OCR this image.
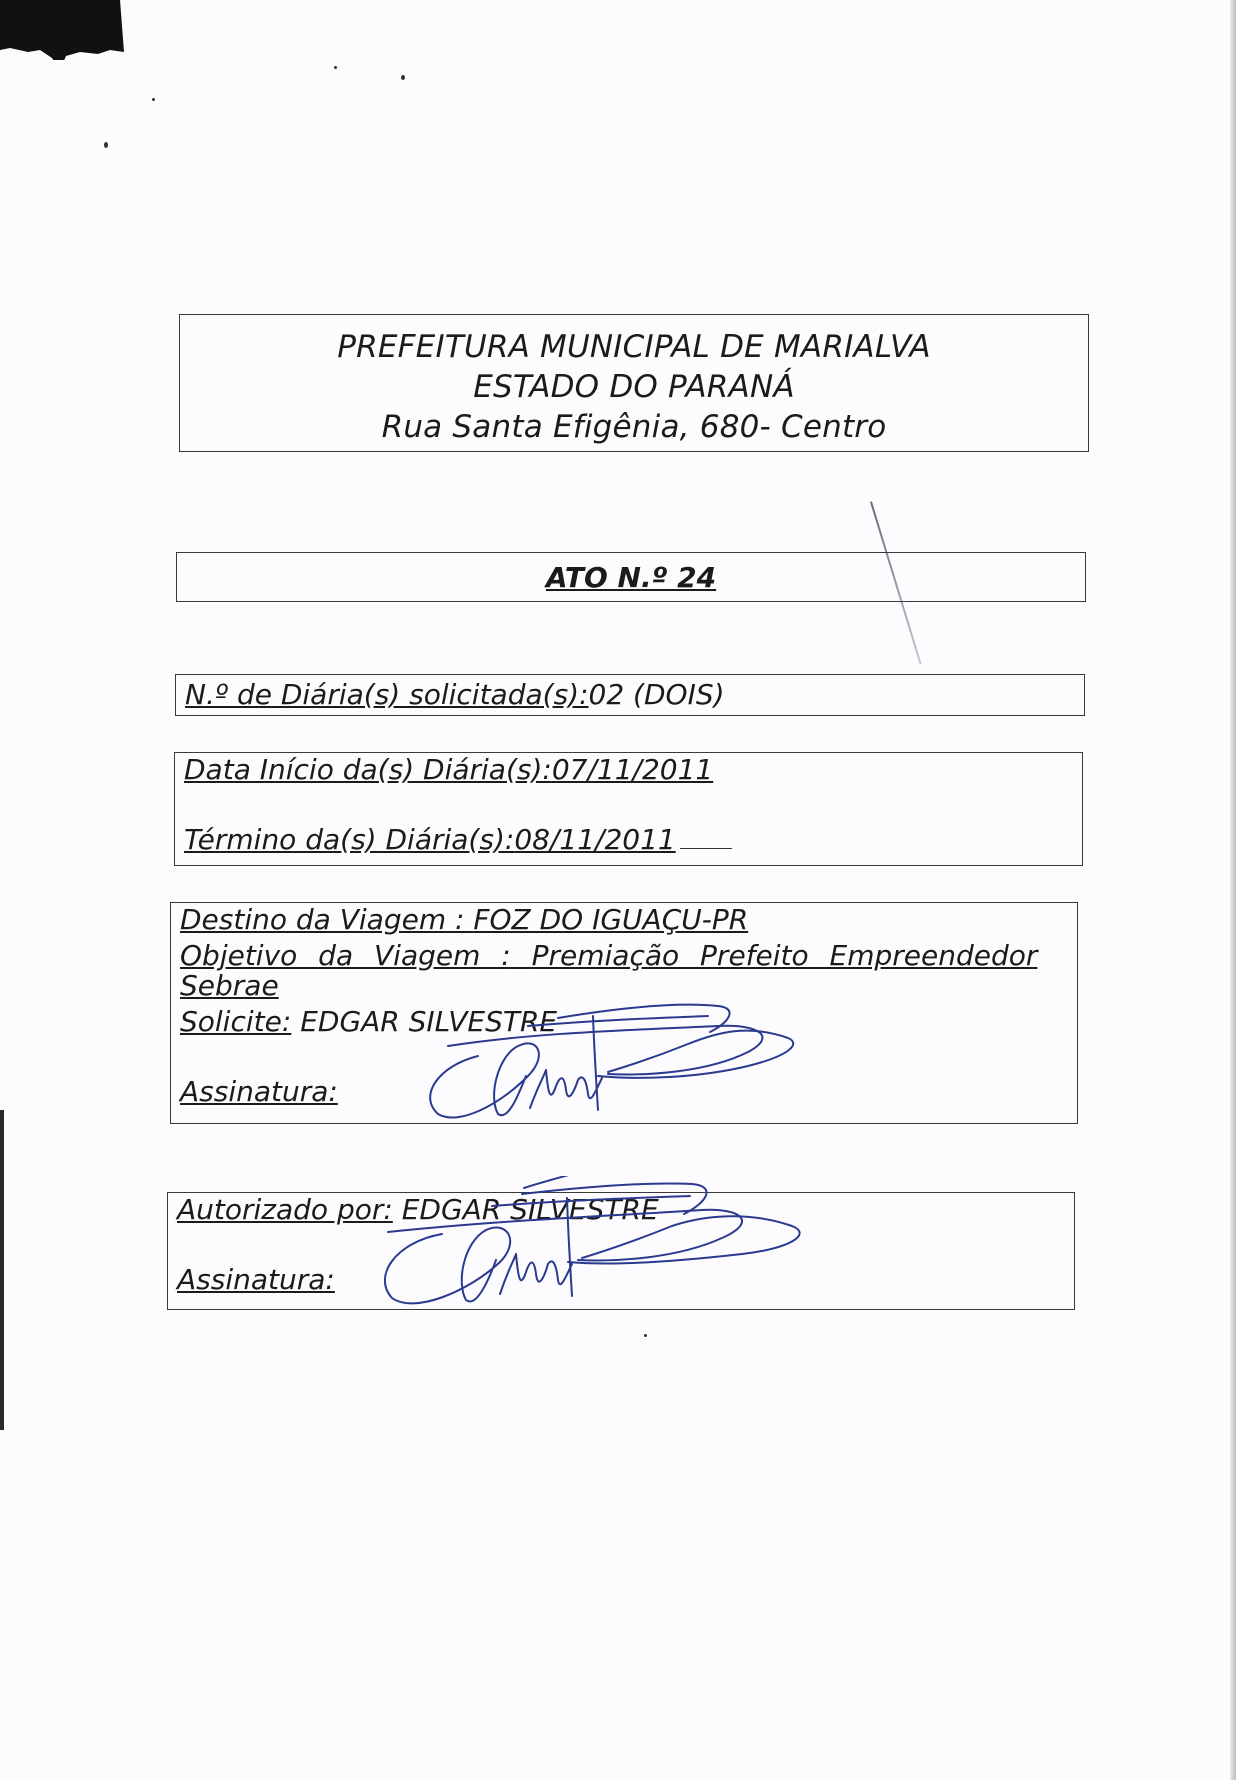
PREFEITURA MUNICIPAL DE MARIALVA
ESTADO DO PARANÁ
Rua Santa Efigênia, 680- Centro
ATO N.º 24
N.º de Diária(s) solicitada(s):02 (DOIS)
Data Início da(s) Diária(s):07/11/2011
Término da(s) Diária(s):08/11/2011
Destino da Viagem : FOZ DO IGUAÇU-PR
Objetivo da Viagem : Premiação Prefeito Empreendedor
Sebrae
Solicite: EDGAR SILVESTRE
Assinatura:
Autorizado por: EDGAR SILVESTRE
Assinatura:
